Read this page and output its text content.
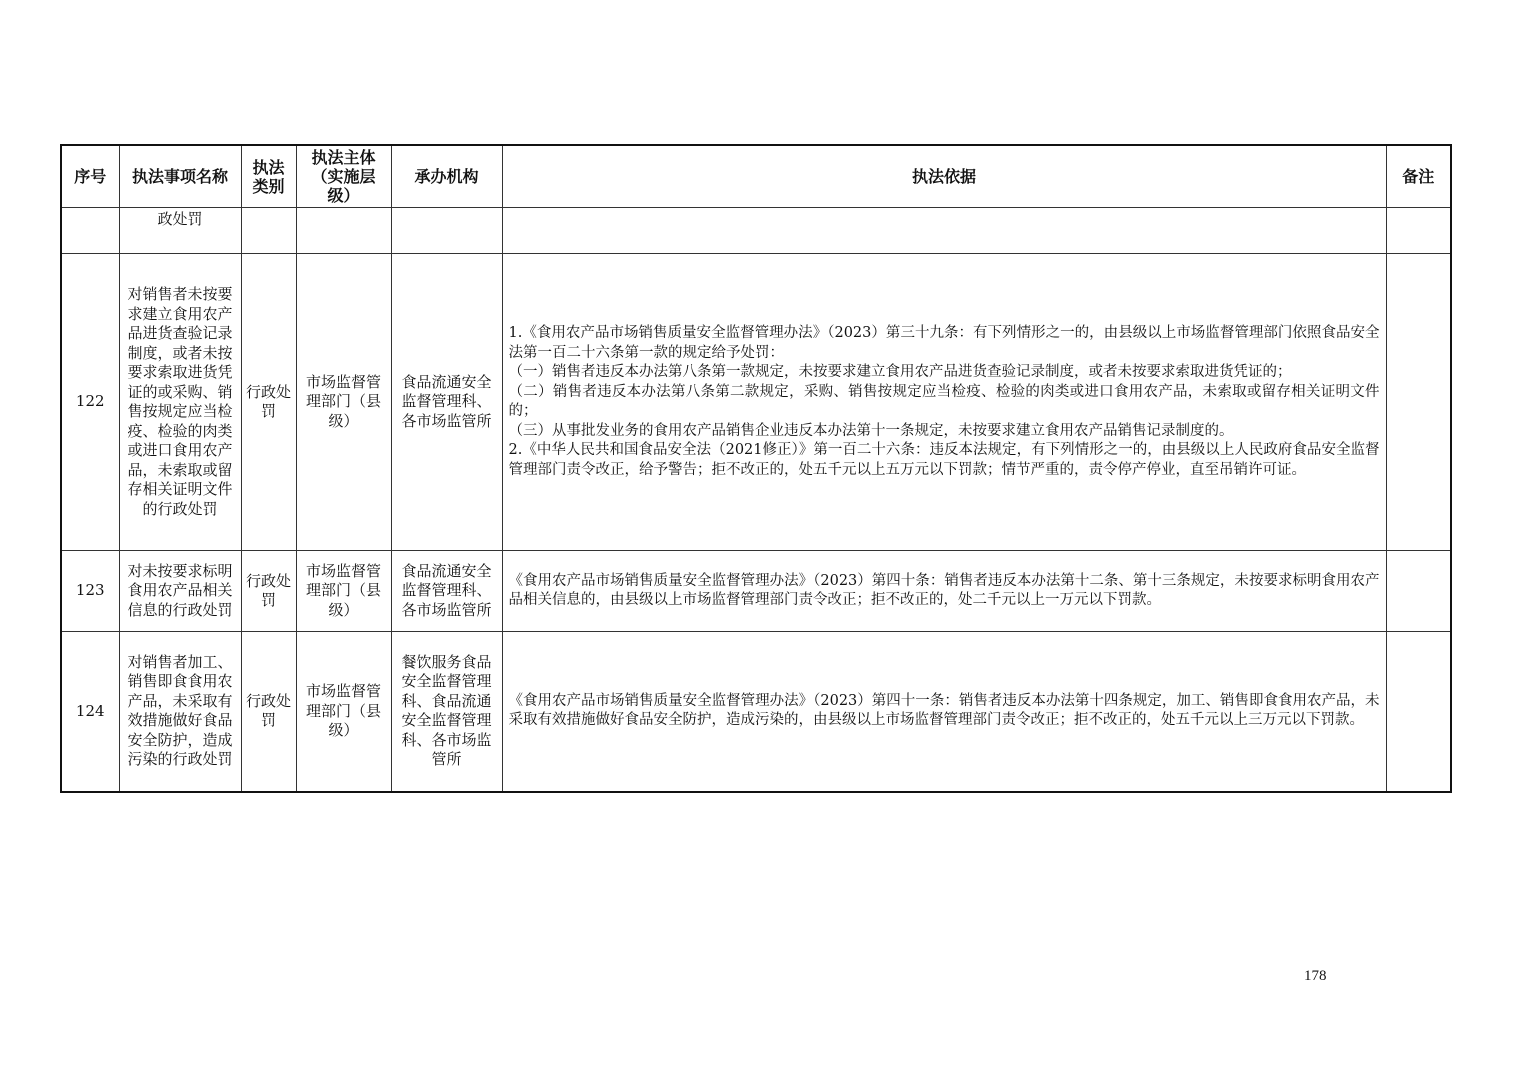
序号	执法事项名称	执法类别	执法主体（实施层级）	承办机构	执法依据	备注
	政处罚					
122	对销售者未按要求建立食用农产品进货查验记录制度，或者未按要求索取进货凭证的或采购、销售按规定应当检疫、检验的肉类或进口食用农产品，未索取或留存相关证明文件的行政处罚	行政处罚	市场监督管理部门（县级）	食品流通安全监督管理科、各市场监管所	1.《食用农产品市场销售质量安全监督管理办法》（2023）第三十九条：有下列情形之一的，由县级以上市场监督管理部门依照食品安全法第一百二十六条第一款的规定给予处罚：
（一）销售者违反本办法第八条第一款规定，未按要求建立食用农产品进货查验记录制度，或者未按要求索取进货凭证的；
（二）销售者违反本办法第八条第二款规定，采购、销售按规定应当检疫、检验的肉类或进口食用农产品，未索取或留存相关证明文件的；
（三）从事批发业务的食用农产品销售企业违反本办法第十一条规定，未按要求建立食用农产品销售记录制度的。
2.《中华人民共和国食品安全法（2021修正）》第一百二十六条：违反本法规定，有下列情形之一的，由县级以上人民政府食品安全监督管理部门责令改正，给予警告；拒不改正的，处五千元以上五万元以下罚款；情节严重的，责令停产停业，直至吊销许可证。	

123	对未按要求标明食用农产品相关信息的行政处罚	行政处罚	市场监督管理部门（县级）	食品流通安全监督管理科、各市场监管所	《食用农产品市场销售质量安全监督管理办法》（2023）第四十条：销售者违反本办法第十二条、第十三条规定，未按要求标明食用农产品相关信息的，由县级以上市场监督管理部门责令改正；拒不改正的，处二千元以上一万元以下罚款。	

124	对销售者加工、销售即食食用农产品，未采取有效措施做好食品安全防护，造成污染的行政处罚	行政处罚	市场监督管理部门（县级）	餐饮服务食品安全监督管理科、食品流通安全监督管理科、各市场监管所	《食用农产品市场销售质量安全监督管理办法》（2023）第四十一条：销售者违反本办法第十四条规定，加工、销售即食食用农产品，未采取有效措施做好食品安全防护，造成污染的，由县级以上市场监督管理部门责令改正；拒不改正的，处五千元以上三万元以下罚款。	

178
